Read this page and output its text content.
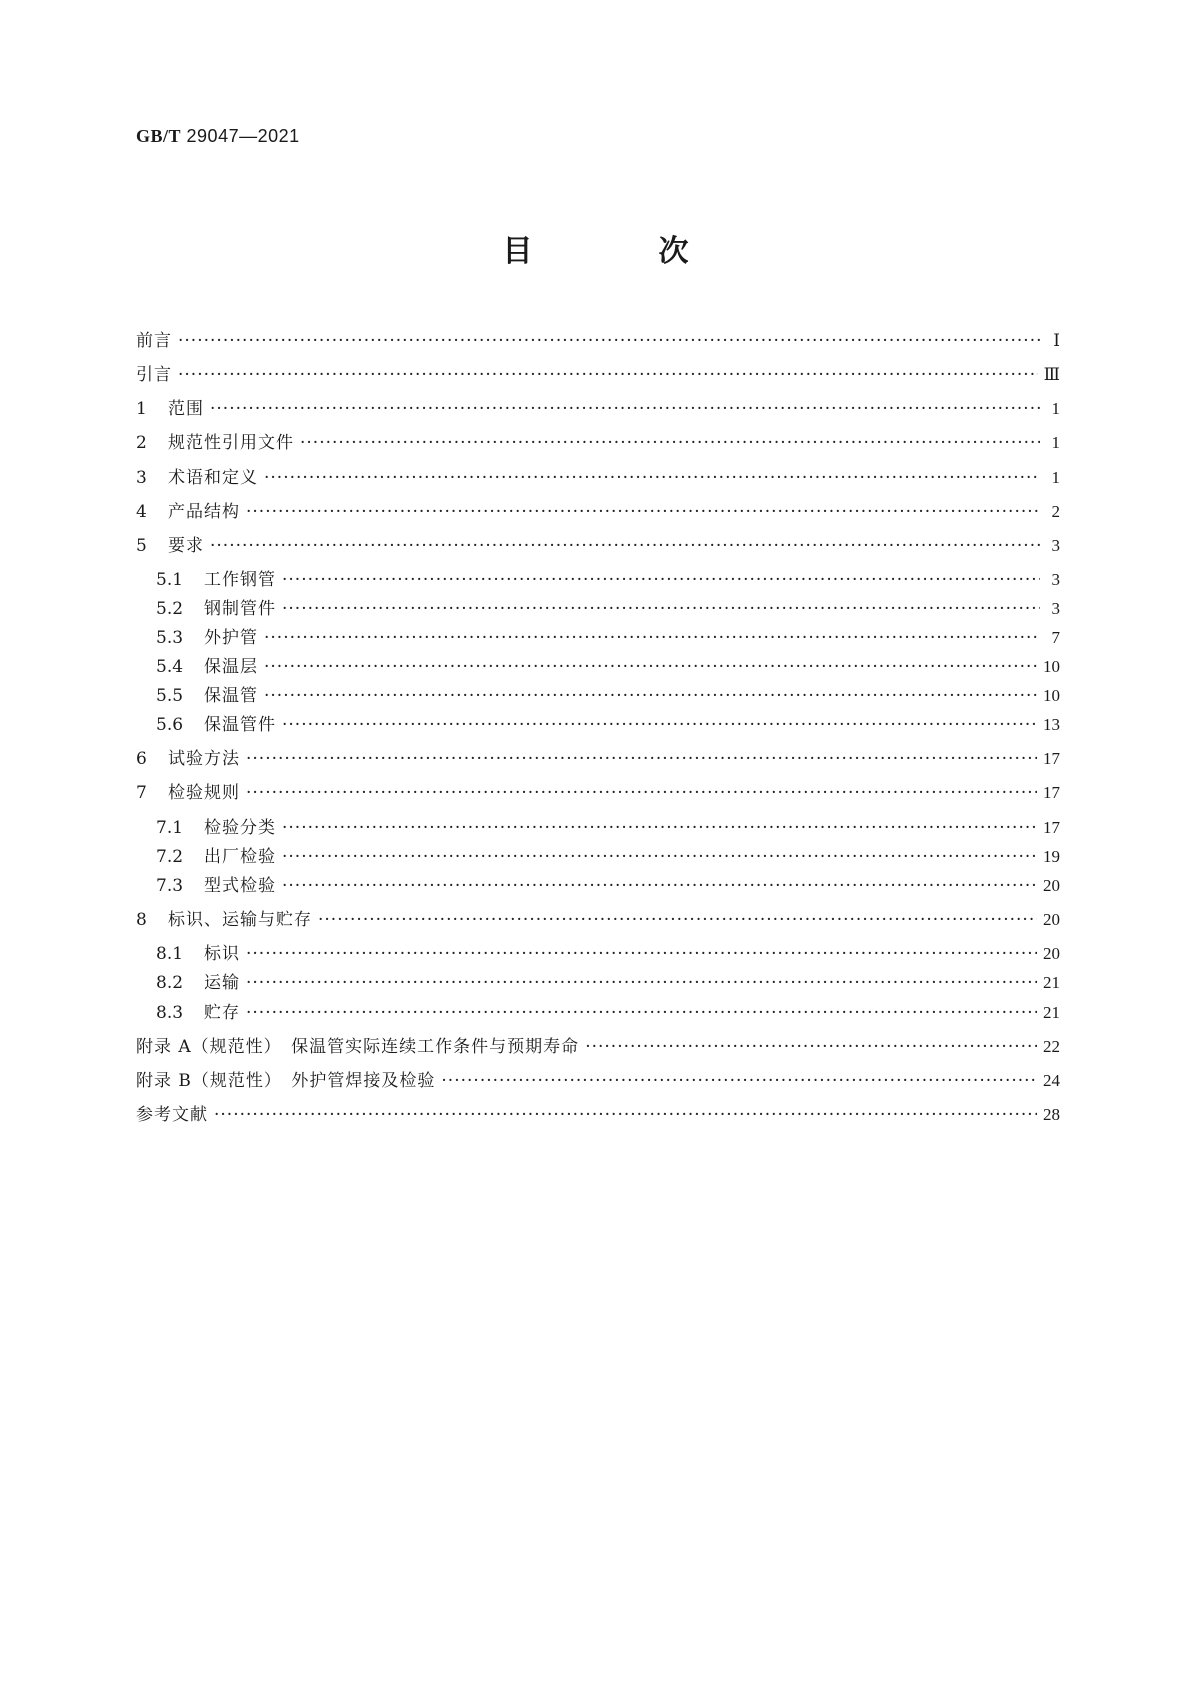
GB/T 29047—2021
目　次
前言 ·····	Ⅰ
引言 ·····	Ⅲ
1	范围 ·····	1
2	规范性引用文件 ·····	1
3	术语和定义 ·····	1
4	产品结构 ·····	2
5	要求 ·····	3
5.1	工作钢管 ·····	3
5.2	钢制管件 ·····	3
5.3	外护管 ·····	7
5.4	保温层 ·····	10
5.5	保温管 ·····	10
5.6	保温管件 ·····	13
6	试验方法 ·····	17
7	检验规则 ·····	17
7.1	检验分类 ·····	17
7.2	出厂检验 ·····	19
7.3	型式检验 ·····	20
8	标识、运输与贮存 ·····	20
8.1	标识 ·····	20
8.2	运输 ·····	21
8.3	贮存 ·····	21
附录 A（规范性）　保温管实际连续工作条件与预期寿命 ·····	22
附录 B（规范性）　外护管焊接及检验 ·····	24
参考文献 ·····	28
